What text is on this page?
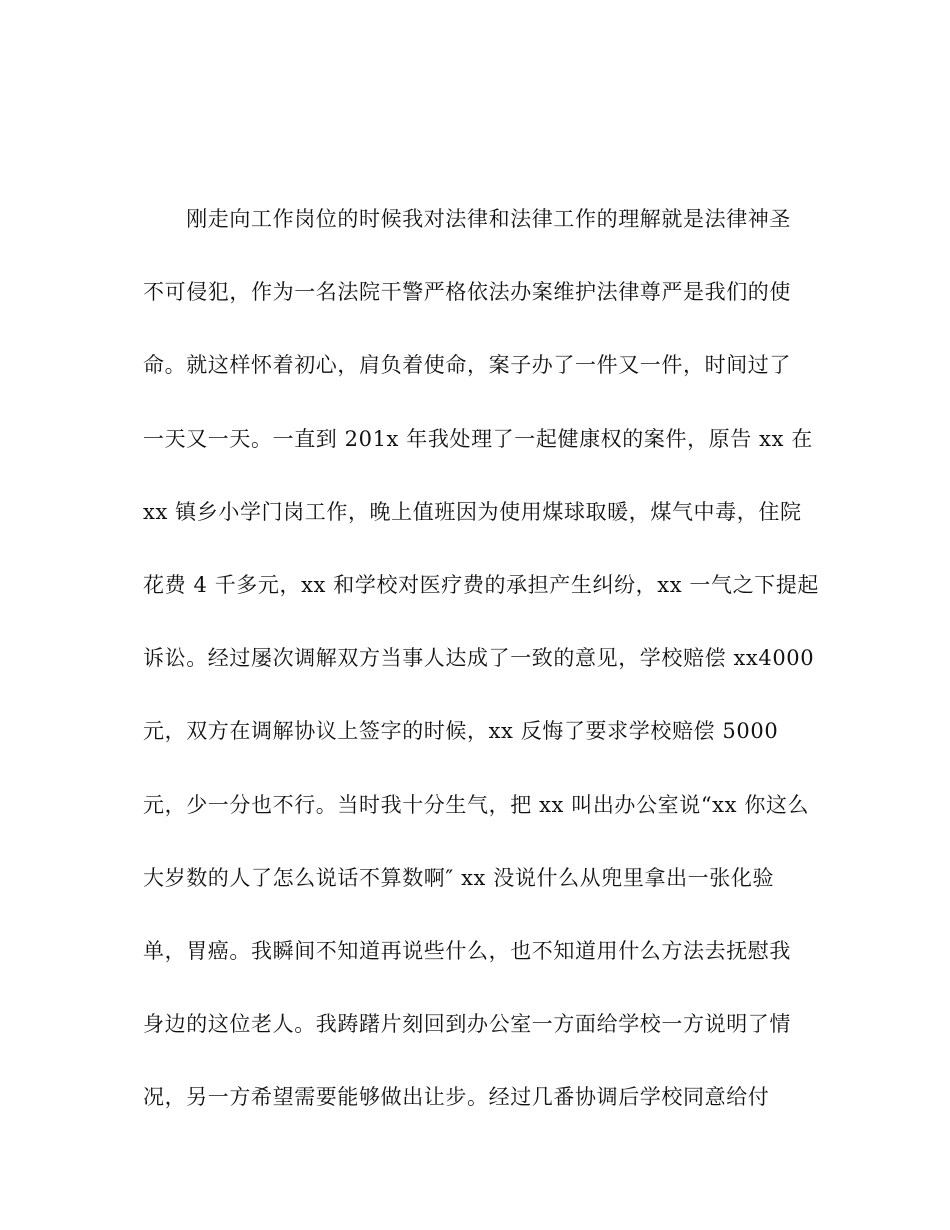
　　刚走向工作岗位的时候我对法律和法律工作的理解就是法律神圣
不可侵犯，作为一名法院干警严格依法办案维护法律尊严是我们的使
命。就这样怀着初心，肩负着使命，案子办了一件又一件，时间过了
一天又一天。一直到 201x 年我处理了一起健康权的案件，原告 xx 在
xx 镇乡小学门岗工作，晚上值班因为使用煤球取暖，煤气中毒，住院
花费 4 千多元，xx 和学校对医疗费的承担产生纠纷，xx 一气之下提起
诉讼。经过屡次调解双方当事人达成了一致的意见，学校赔偿 xx4000
元，双方在调解协议上签字的时候，xx 反悔了要求学校赔偿 5000
元，少一分也不行。当时我十分生气，把 xx 叫出办公室说“xx 你这么
大岁数的人了怎么说话不算数啊″ xx 没说什么从兜里拿出一张化验
单，胃癌。我瞬间不知道再说些什么，也不知道用什么方法去抚慰我
身边的这位老人。我踌躇片刻回到办公室一方面给学校一方说明了情
况，另一方希望需要能够做出让步。经过几番协调后学校同意给付
